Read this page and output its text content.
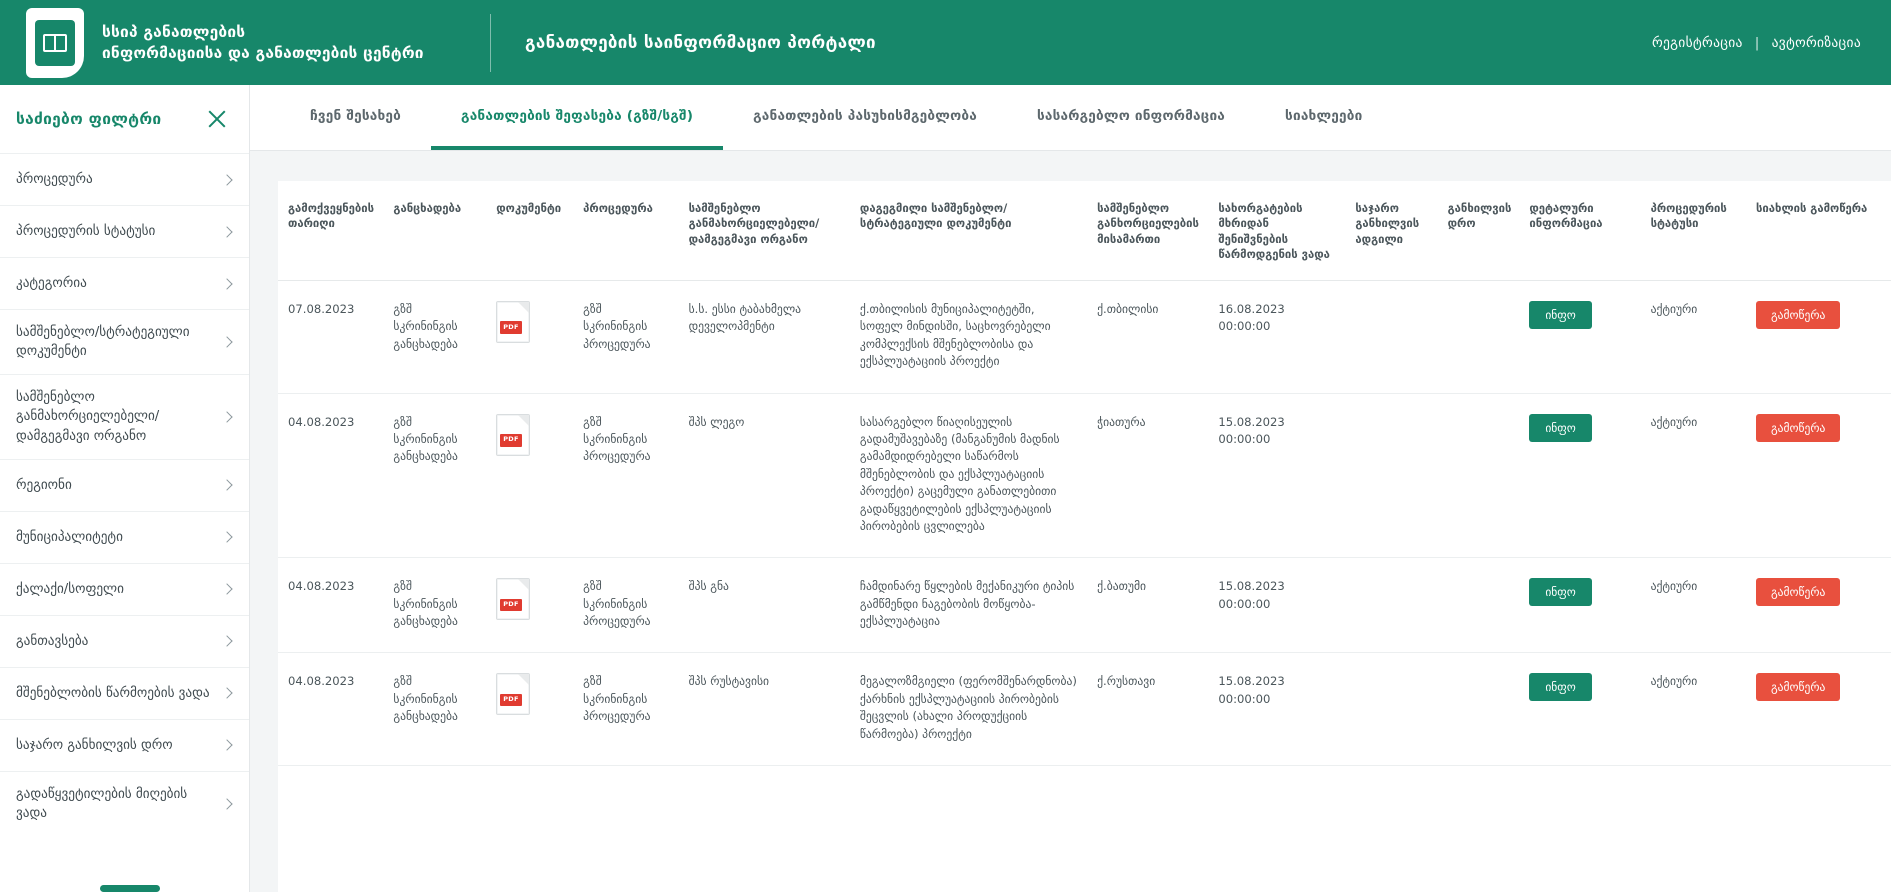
სსიპ განათლების
ინფორმაციისა და განათლების ცენტრი	განათლების საინფორმაციო პორტალი	რეგისტრაცია | ავტორიზაცია
საძიებო ფილტრი
პროცედურა
პროცედურის სტატუსი
კატეგორია
სამშენებლო/სტრატეგიული დოკუმენტი
სამშენებლო განმახორციელებელი/დამგეგმავი ორგანო
რეგიონი
მუნიციპალიტეტი
ქალაქი/სოფელი
განთავსება
მშენებლობის წარმოების ვადა
საჯარო განხილვის დრო
გადაწყვეტილების მიღების ვადა
ჩვენ შესახებ	განათლების შეფასება (გზშ/სგშ)	განათლების პასუხისმგებლობა	სასარგებლო ინფორმაცია	სიახლეები
გამოქვეყნების თარიღი	განცხადება	დოკუმენტი	პროცედურა	სამშენებლო განმახორციელებელი/ დამგეგმავი ორგანო	დაგეგმილი სამშენებლო/ სტრატეგიული დოკუმენტი	სამშენებლო განხორციელების მისამართი	სახორგატების მხრიდან შენიშვნების წარმოდგენის ვადა	საჯარო განხილვის ადგილი	განხილვის დრო	დეტალური ინფორმაცია	პროცედურის სტატუსი	სიახლის გამოწერა
07.08.2023	გზშ სკრინინგის განცხადება	PDF	გზშ სკრინინგის პროცედურა	ს.ს. ესსი ტაბახმელა დეველოპმენტი	ქ.თბილისის მუნიციპალიტეტში, სოფელ მინდისში, საცხოვრებელი კომპლექსის მშენებლობისა და ექსპლუატაციის პროექტი	ქ.თბილისი	16.08.2023 00:00:00			ინფო	აქტიური	გამოწერა
04.08.2023	გზშ სკრინინგის განცხადება	PDF	გზშ სკრინინგის პროცედურა	შპს ლეგო	სასარგებლო წიაღისეულის გადამუშავებაზე (მანგანუმის მადნის გამამდიდრებელი საწარმოს მშენებლობის და ექსპლუატაციის პროექტი) გაცემული განათლებითი გადაწყვეტილების ექსპლუატაციის პირობების ცვლილება	ჭიათურა	15.08.2023 00:00:00			ინფო	აქტიური	გამოწერა
04.08.2023	გზშ სკრინინგის განცხადება	PDF	გზშ სკრინინგის პროცედურა	შპს გნა	ჩამდინარე წყლების მექანიკური ტიპის გამწმენდი ნაგებობის მოწყობა-ექსპლუატაცია	ქ.ბათუმი	15.08.2023 00:00:00			ინფო	აქტიური	გამოწერა
04.08.2023	გზშ სკრინინგის განცხადება	PDF	გზშ სკრინინგის პროცედურა	შპს რუსტავისი	მეგალოზმგიელი (ფერომშენარდნობა) ქარხნის ექსპლუატაციის პირობების შეცვლის (ახალი პროდუქციის წარმოება) პროექტი	ქ.რუსთავი	15.08.2023 00:00:00			ინფო	აქტიური	გამოწერა
